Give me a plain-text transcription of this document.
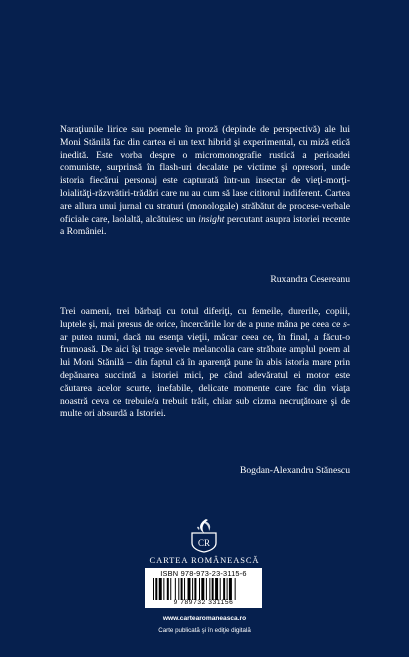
Naraţiunile lirice sau poemele în proză (depinde de perspectivă) ale lui Moni Stănilă fac din cartea ei un text hibrid şi experimental, cu miză etică inedită. Este vorba despre o micromonografie rustică a perioadei comuniste, surprinsă în flash-uri decalate pe victime şi opresori, unde istoria fiecărui personaj este capturată într-un insectar de vieţi-morţi-loialităţi-răzvrătiri-trădări care nu au cum să lase cititorul indiferent. Cartea are allura unui jurnal cu straturi (monologale) străbătut de procese-verbale oficiale care, laolaltă, alcătuiesc un insight percutant asupra istoriei recente a României.

Ruxandra Cesereanu

Trei oameni, trei bărbaţi cu totul diferiţi, cu femeile, durerile, copiii, luptele şi, mai presus de orice, încercările lor de a pune mâna pe ceea ce s-ar putea numi, dacă nu esenţa vieţii, măcar ceea ce, în final, a făcut-o frumoasă. De aici îşi trage sevele melancolia care străbate amplul poem al lui Moni Stănilă – din faptul că în aparenţă pune în abis istoria mare prin depănarea succintă a istoriei mici, pe când adevăratul ei motor este căutarea acelor scurte, inefabile, delicate momente care fac din viaţa noastră ceva ce trebuie/a trebuit trăit, chiar sub cizma necruţătoare şi de multe ori absurdă a Istoriei.

Bogdan-Alexandru Stănescu
CR
CARTEA ROMÂNEASCĂ
ISBN 978-973-23-3115-6
9 789732 331156
www.cartearomaneasca.ro
Carte publicată şi în ediţie digitală
